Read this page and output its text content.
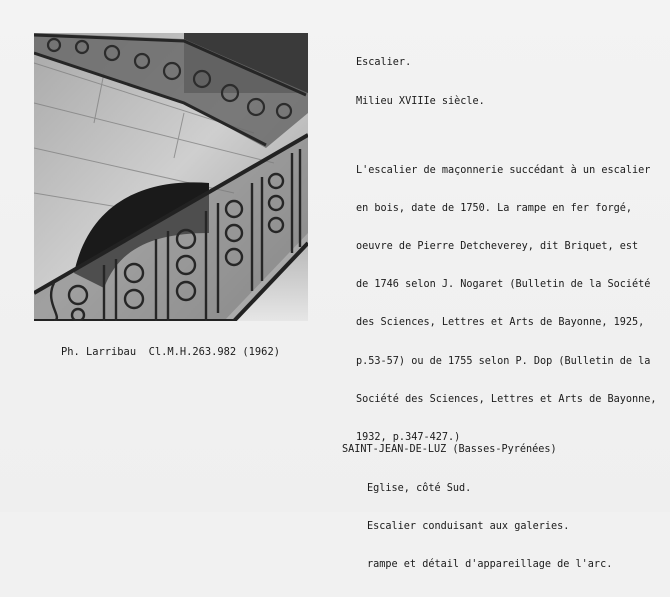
Escalier.

Milieu XVIIIe siècle.

L'escalier de maçonnerie succédant à un escalier

en bois, date de 1750. La rampe en fer forgé,

oeuvre de Pierre Detcheverey, dit Briquet, est

de 1746 selon J. Nogaret (Bulletin de la Société

des Sciences, Lettres et Arts de Bayonne, 1925,

p.53-57) ou de 1755 selon P. Dop (Bulletin de la

Société des Sciences, Lettres et Arts de Bayonne,

1932, p.347-427.)

Ph. Larribau  Cl.M.H.263.982 (1962)

SAINT-JEAN-DE-LUZ (Basses-Pyrénées)

Eglise, côté Sud.

Escalier conduisant aux galeries.

rampe et détail d'appareillage de l'arc.
